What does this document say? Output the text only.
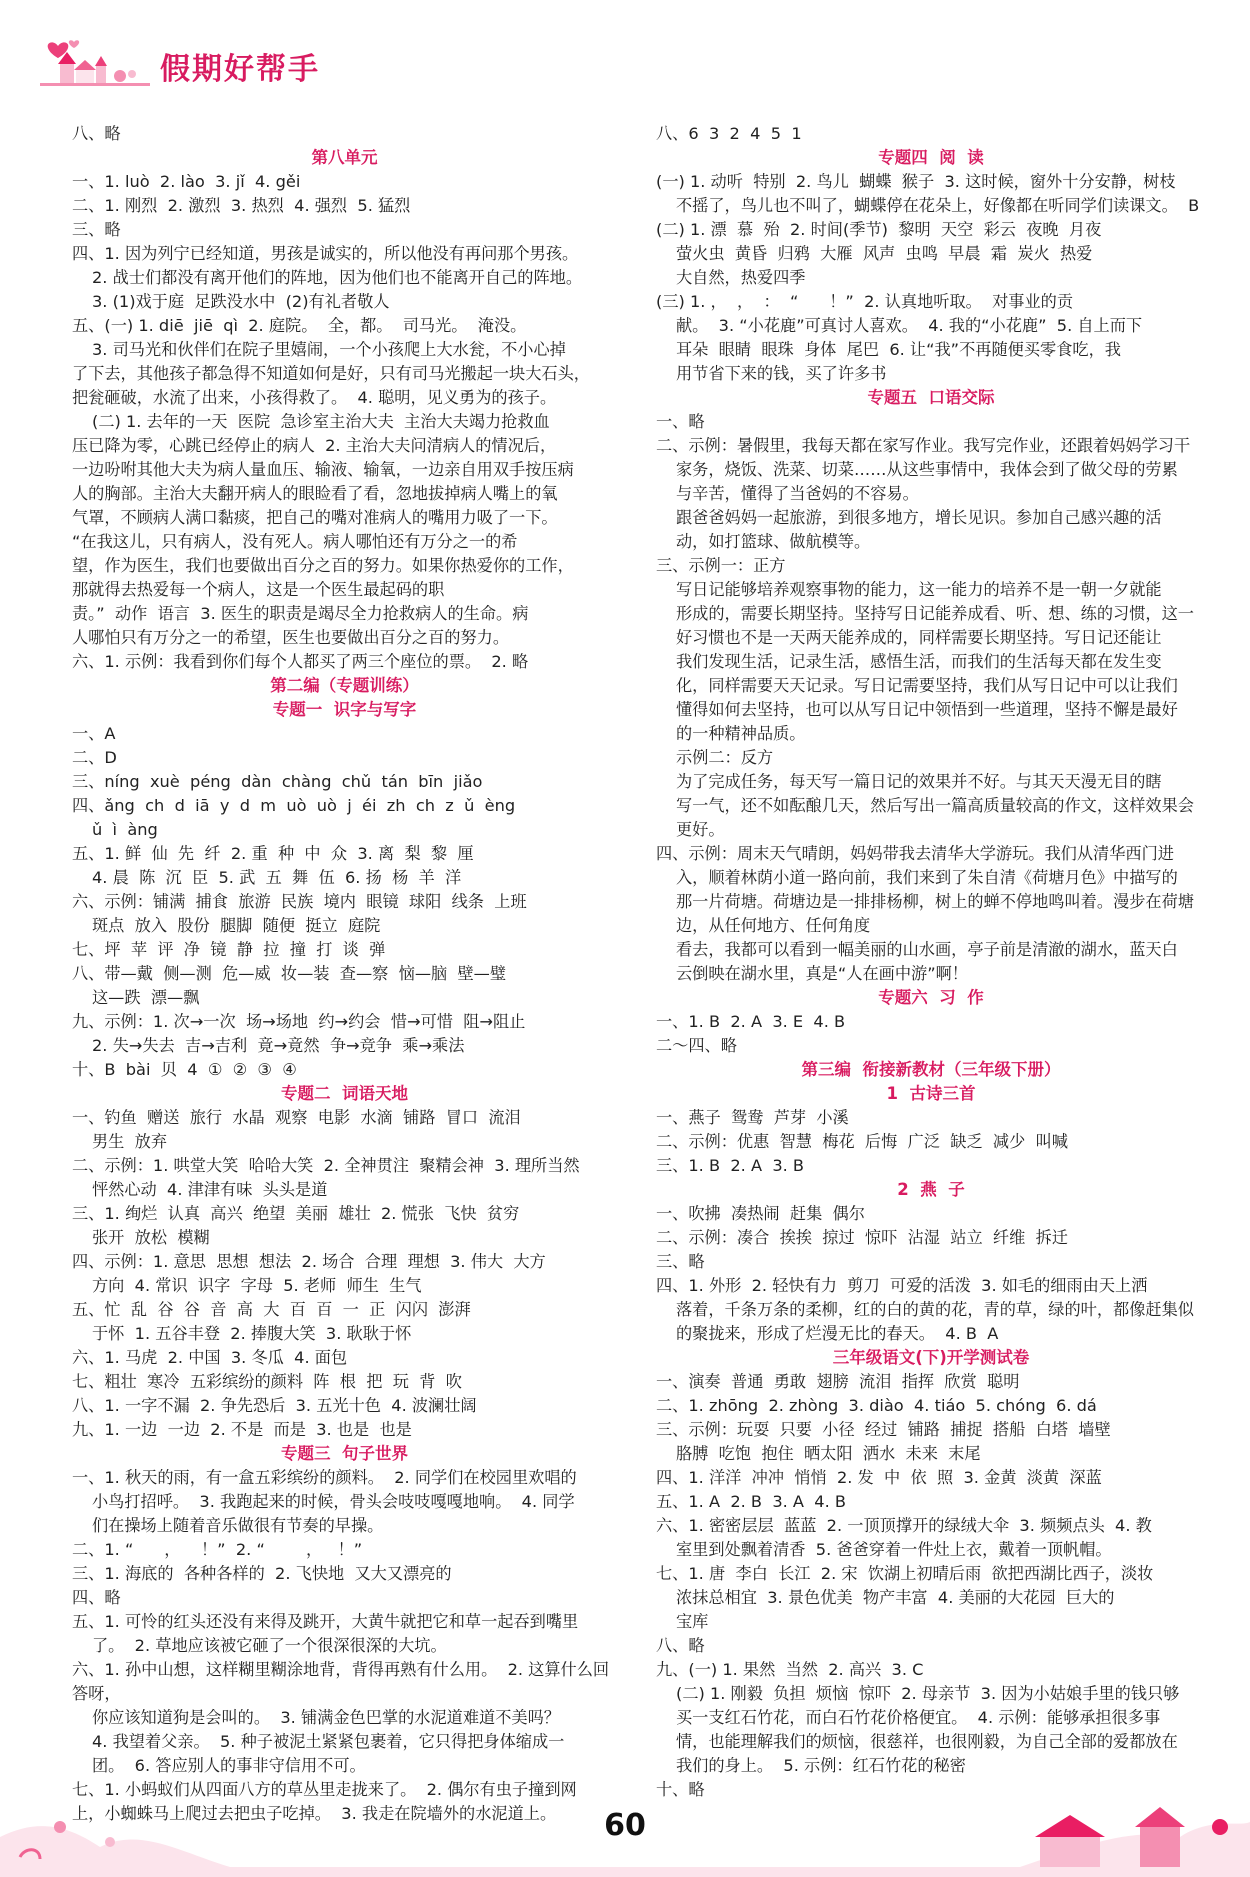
假期好帮手
八、略
第八单元
一、1. luò  2. lào  3. jǐ  4. gěi
二、1. 刚烈  2. 激烈  3. 热烈  4. 强烈  5. 猛烈
三、略
四、1. 因为列宁已经知道，男孩是诚实的，所以他没有再问那个男孩。
2. 战士们都没有离开他们的阵地，因为他们也不能离开自己的阵地。
3. (1)戏于庭  足跌没水中  (2)有礼者敬人
五、(一) 1. diē  jiē  qì  2. 庭院。  全，都。  司马光。  淹没。
3. 司马光和伙伴们在院子里嬉闹，一个小孩爬上大水瓮，不小心掉
了下去，其他孩子都急得不知道如何是好，只有司马光搬起一块大石头，
把瓮砸破，水流了出来，小孩得救了。  4. 聪明，见义勇为的孩子。
(二) 1. 去年的一天  医院  急诊室主治大夫  主治大夫竭力抢救血
压已降为零，心跳已经停止的病人  2. 主治大夫问清病人的情况后，
一边吩咐其他大夫为病人量血压、输液、输氧，一边亲自用双手按压病
人的胸部。主治大夫翻开病人的眼睑看了看，忽地拔掉病人嘴上的氧
气罩，不顾病人满口黏痰，把自己的嘴对准病人的嘴用力吸了一下。
“在我这儿，只有病人，没有死人。病人哪怕还有万分之一的希
望，作为医生，我们也要做出百分之百的努力。如果你热爱你的工作，
那就得去热爱每一个病人，这是一个医生最起码的职
责。”  动作  语言  3. 医生的职责是竭尽全力抢救病人的生命。病
人哪怕只有万分之一的希望，医生也要做出百分之百的努力。
六、1. 示例：我看到你们每个人都买了两三个座位的票。  2. 略
第二编（专题训练）
专题一  识字与写字
一、A
二、D
三、níng  xuè  péng  dàn  chàng  chǔ  tán  bīn  jiǎo
四、ǎng  ch  d  iā  y  d  m  uò  uò  j  éi  zh  ch  z  ǔ  èng
ǔ  ì  àng
五、1. 鲜  仙  先  纤  2. 重  种  中  众  3. 离  梨  黎  厘
4. 晨  陈  沉  臣  5. 武  五  舞  伍  6. 扬  杨  羊  洋
六、示例：铺满  捕食  旅游  民族  境内  眼镜  球阳  线条  上班
斑点  放入  股份  腿脚  随便  挺立  庭院
七、坪  苹  评  净  镜  静  拉  撞  打  谈  弹
八、带—戴  侧—测  危—威  妆—装  查—察  恼—脑  壁—璧
这—跌  漂—飘
九、示例：1. 次→一次  场→场地  约→约会  惜→可惜  阻→阻止
2. 失→失去  吉→吉利  竟→竟然  争→竞争  乘→乘法
十、B  bài  贝  4  ①  ②  ③  ④
专题二  词语天地
一、钓鱼  赠送  旅行  水晶  观察  电影  水滴  铺路  冒口  流泪
男生  放弃
二、示例：1. 哄堂大笑  哈哈大笑  2. 全神贯注  聚精会神  3. 理所当然
怦然心动  4. 津津有味  头头是道
三、1. 绚烂  认真  高兴  绝望  美丽  雄壮  2. 慌张  飞快  贫穷
张开  放松  模糊
四、示例：1. 意思  思想  想法  2. 场合  合理  理想  3. 伟大  大方
方向  4. 常识  识字  字母  5. 老师  师生  生气
五、忙  乱  谷  谷  音  高  大  百  百  一  正  闪闪  澎湃
于怀  1. 五谷丰登  2. 捧腹大笑  3. 耿耿于怀
六、1. 马虎  2. 中国  3. 冬瓜  4. 面包
七、粗壮  寒冷  五彩缤纷的颜料  阵  根  把  玩  背  吹
八、1. 一字不漏  2. 争先恐后  3. 五光十色  4. 波澜壮阔
九、1. 一边  一边  2. 不是  而是  3. 也是  也是
专题三  句子世界
一、1. 秋天的雨，有一盒五彩缤纷的颜料。  2. 同学们在校园里欢唱的
小鸟打招呼。  3. 我跑起来的时候，骨头会吱吱嘎嘎地响。  4. 同学
们在操场上随着音乐做很有节奏的早操。
二、1. “      ，    ！”  2. “        ，   ！”
三、1. 海底的  各种各样的  2. 飞快地  又大又漂亮的
四、略
五、1. 可怜的红头还没有来得及跳开，大黄牛就把它和草一起吞到嘴里
了。  2. 草地应该被它砸了一个很深很深的大坑。
六、1. 孙中山想，这样糊里糊涂地背，背得再熟有什么用。  2. 这算什么回答呀，
你应该知道狗是会叫的。  3. 铺满金色巴掌的水泥道难道不美吗？
4. 我望着父亲。  5. 种子被泥土紧紧包裹着，它只得把身体缩成一
团。  6. 答应别人的事非守信用不可。
七、1. 小蚂蚁们从四面八方的草丛里走拢来了。  2. 偶尔有虫子撞到网
上，小蜘蛛马上爬过去把虫子吃掉。  3. 我走在院墙外的水泥道上。
八、6  3  2  4  5  1
专题四  阅  读
(一) 1. 动听  特别  2. 鸟儿  蝴蝶  猴子  3. 这时候，窗外十分安静，树枝
不摇了，鸟儿也不叫了，蝴蝶停在花朵上，好像都在听同学们读课文。  B
(二) 1. 漂  慕  殆  2. 时间(季节)  黎明  天空  彩云  夜晚  月夜
萤火虫  黄昏  归鸦  大雁  风声  虫鸣  早晨  霜  炭火  热爱
大自然，热爱四季
(三) 1. ，  ，  ：  “      ！”  2. 认真地听取。  对事业的贡
献。  3. “小花鹿”可真讨人喜欢。  4. 我的“小花鹿”  5. 自上而下
耳朵  眼睛  眼珠  身体  尾巴  6. 让“我”不再随便买零食吃，我
用节省下来的钱，买了许多书
专题五  口语交际
一、略
二、示例：暑假里，我每天都在家写作业。我写完作业，还跟着妈妈学习干
家务，烧饭、洗菜、切菜……从这些事情中，我体会到了做父母的劳累
与辛苦，懂得了当爸妈的不容易。
跟爸爸妈妈一起旅游，到很多地方，增长见识。参加自己感兴趣的活
动，如打篮球、做航模等。
三、示例一：正方
写日记能够培养观察事物的能力，这一能力的培养不是一朝一夕就能
形成的，需要长期坚持。坚持写日记能养成看、听、想、练的习惯，这一
好习惯也不是一天两天能养成的，同样需要长期坚持。写日记还能让
我们发现生活，记录生活，感悟生活，而我们的生活每天都在发生变
化，同样需要天天记录。写日记需要坚持，我们从写日记中可以让我们
懂得如何去坚持，也可以从写日记中领悟到一些道理，坚持不懈是最好
的一种精神品质。
示例二：反方
为了完成任务，每天写一篇日记的效果并不好。与其天天漫无目的瞎
写一气，还不如酝酿几天，然后写出一篇高质量较高的作文，这样效果会
更好。
四、示例：周末天气晴朗，妈妈带我去清华大学游玩。我们从清华西门进
入，顺着林荫小道一路向前，我们来到了朱自清《荷塘月色》中描写的
那一片荷塘。荷塘边是一排排杨柳，树上的蝉不停地鸣叫着。漫步在荷塘边，从任何地方、任何角度
看去，我都可以看到一幅美丽的山水画，亭子前是清澈的湖水，蓝天白
云倒映在湖水里，真是“人在画中游”啊！
专题六  习  作
一、1. B  2. A  3. E  4. B
二～四、略
第三编  衔接新教材（三年级下册）
1  古诗三首
一、燕子  鸳鸯  芦芽  小溪
二、示例：优惠  智慧  梅花  后悔  广泛  缺乏  减少  叫喊
三、1. B  2. A  3. B
2  燕  子
一、吹拂  凑热闹  赶集  偶尔
二、示例：凑合  挨挨  掠过  惊吓  沾湿  站立  纤维  拆迁
三、略
四、1. 外形  2. 轻快有力  剪刀  可爱的活泼  3. 如毛的细雨由天上洒
落着，千条万条的柔柳，红的白的黄的花，青的草，绿的叶，都像赶集似
的聚拢来，形成了烂漫无比的春天。  4. B  A
三年级语文(下)开学测试卷
一、演奏  普通  勇敢  翅膀  流泪  指挥  欣赏  聪明
二、1. zhōng  2. zhòng  3. diào  4. tiáo  5. chóng  6. dá
三、示例：玩耍  只要  小径  经过  铺路  捕捉  搭船  白塔  墙壁
胳膊  吃饱  抱住  晒太阳  洒水  未来  末尾
四、1. 洋洋  冲冲  悄悄  2. 发  中  依  照  3. 金黄  淡黄  深蓝
五、1. A  2. B  3. A  4. B
六、1. 密密层层  蓝蓝  2. 一顶顶撑开的绿绒大伞  3. 频频点头  4. 教
室里到处飘着清香  5. 爸爸穿着一件灶上衣，戴着一顶帆帽。
七、1. 唐  李白  长江  2. 宋  饮湖上初晴后雨  欲把西湖比西子，淡妆
浓抹总相宜  3. 景色优美  物产丰富  4. 美丽的大花园  巨大的
宝库
八、略
九、(一) 1. 果然  当然  2. 高兴  3. C
(二) 1. 刚毅  负担  烦恼  惊吓  2. 母亲节  3. 因为小姑娘手里的钱只够
买一支红石竹花，而白石竹花价格便宜。  4. 示例：能够承担很多事
情，也能理解我们的烦恼，很慈祥，也很刚毅，为自己全部的爱都放在
我们的身上。  5. 示例：红石竹花的秘密
十、略
60
